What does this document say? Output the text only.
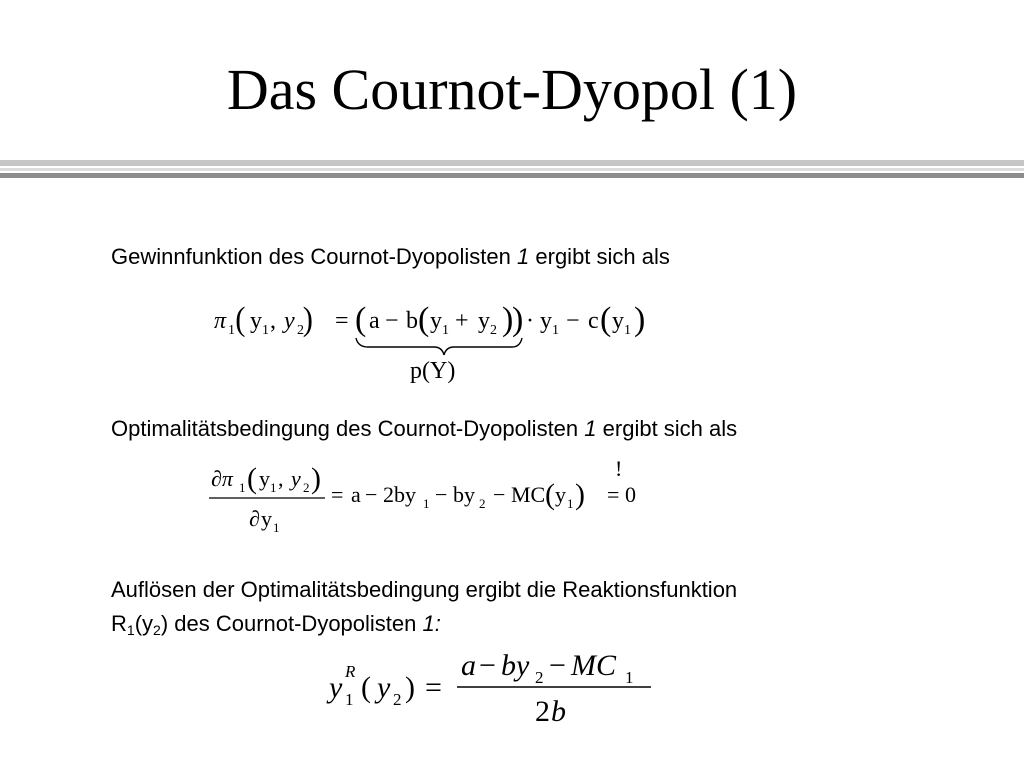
Das Cournot-Dyopol (1)
Gewinnfunktion des Cournot-Dyopolisten 1 ergibt sich als
π 1 ( y 1 , y 2
) = ( a − b ( y 1 + y 2 )
) · y 1 − c ( y 1 )
p(Y)
Optimalitätsbedingung des Cournot-Dyopolisten 1 ergibt sich als
∂π 1 ( y 1 , y 2 )
∂ y 1
= a − 2by 1 − by 2 − MC ( y 1 )
!
= 0
Auflösen der Optimalitätsbedingung ergibt die Reaktionsfunktion
$R_1(y_2)$ des Cournot-Dyopolisten 1:
y R
1 ( y 2 ) =
a − by 2 − MC 1
2 b
